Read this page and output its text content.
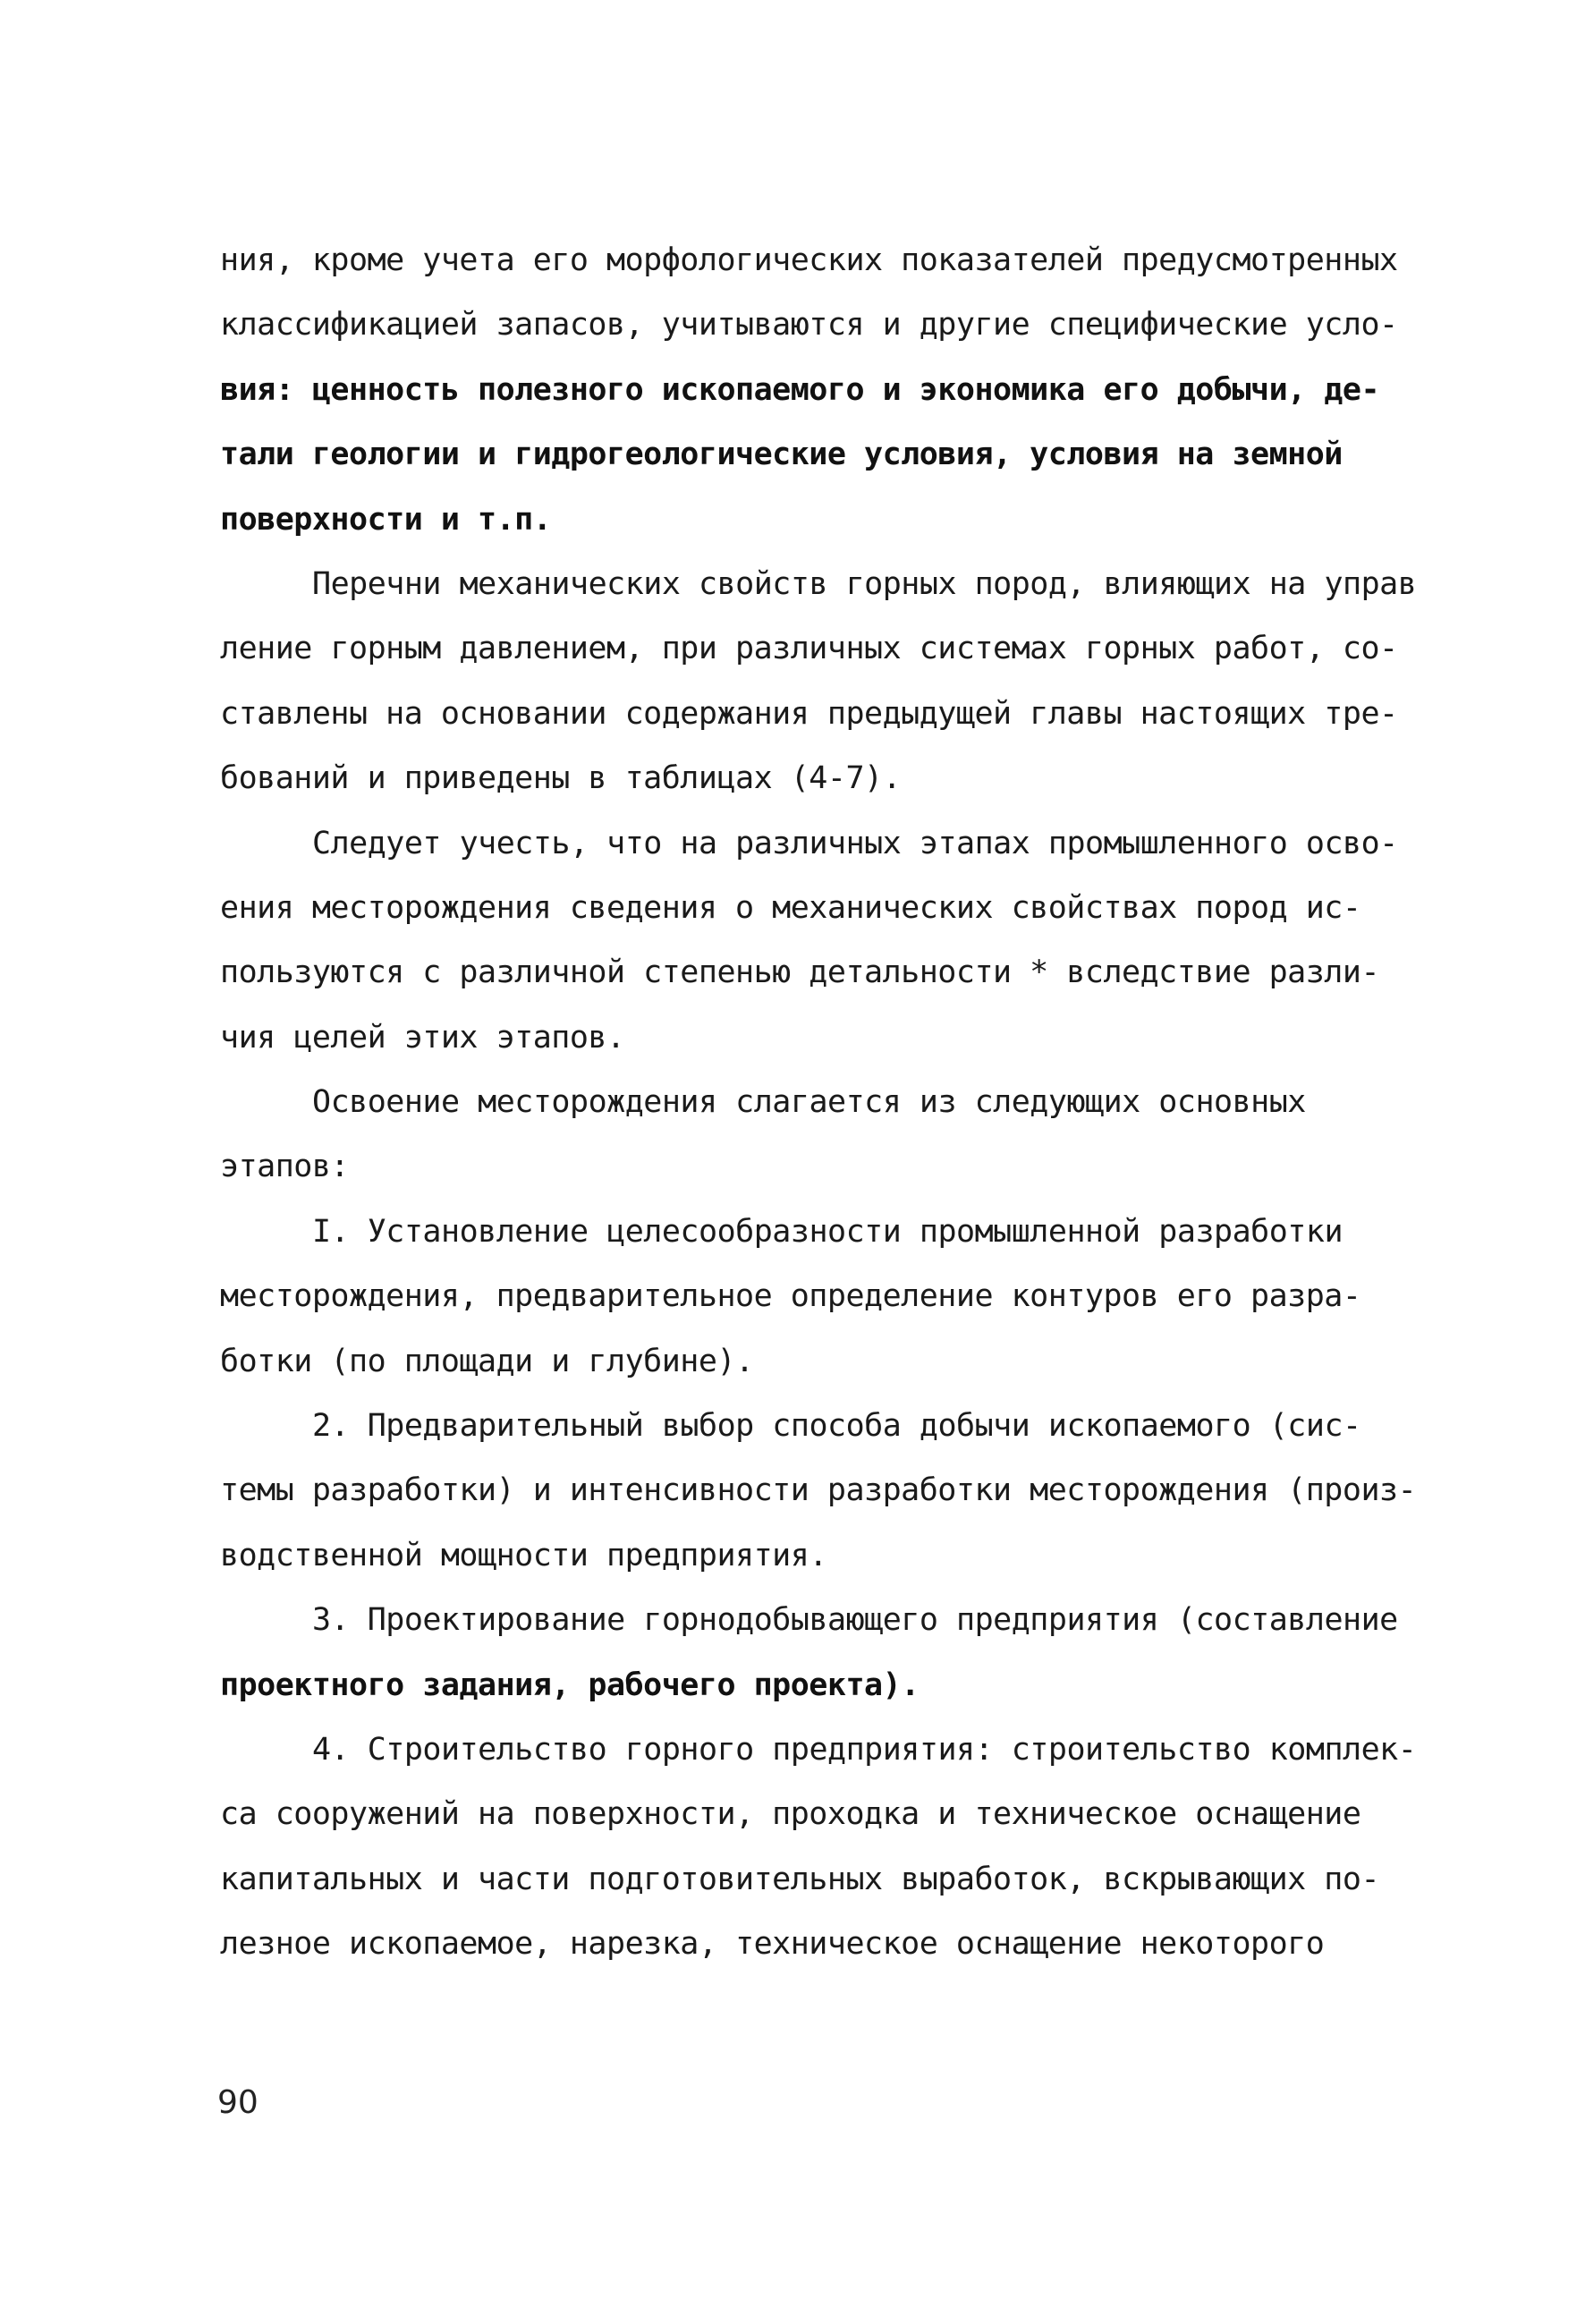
ния, кроме учета его морфологических показателей предусмотренных
классификацией запасов, учитываются и другие специфические усло-
вия: ценность полезного ископаемого и экономика его добычи, де-
тали геологии и гидрогеологические условия, условия на земной
поверхности и т.п.
Перечни механических свойств горных пород, влияющих на управ
ление горным давлением, при различных системах горных работ, со-
ставлены на основании содержания предыдущей главы настоящих тре-
бований и приведены в таблицах (4-7).
Следует учесть, что на различных этапах промышленного осво-
ения месторождения сведения о механических свойствах пород ис-
пользуются с различной степенью детальности * вследствие разли-
чия целей этих этапов.
Освоение месторождения слагается из следующих основных
этапов:
I. Установление целесообразности промышленной разработки
месторождения, предварительное определение контуров его разра-
ботки (по площади и глубине).
2. Предварительный выбор способа добычи ископаемого (сис-
темы разработки) и интенсивности разработки месторождения (произ-
водственной мощности предприятия.
3. Проектирование горнодобывающего предприятия (составление
проектного задания, рабочего проекта).
4. Строительство горного предприятия: строительство комплек-
са сооружений на поверхности, проходка и техническое оснащение
капитальных и части подготовительных выработок, вскрывающих по-
лезное ископаемое, нарезка, техническое оснащение некоторого
90
